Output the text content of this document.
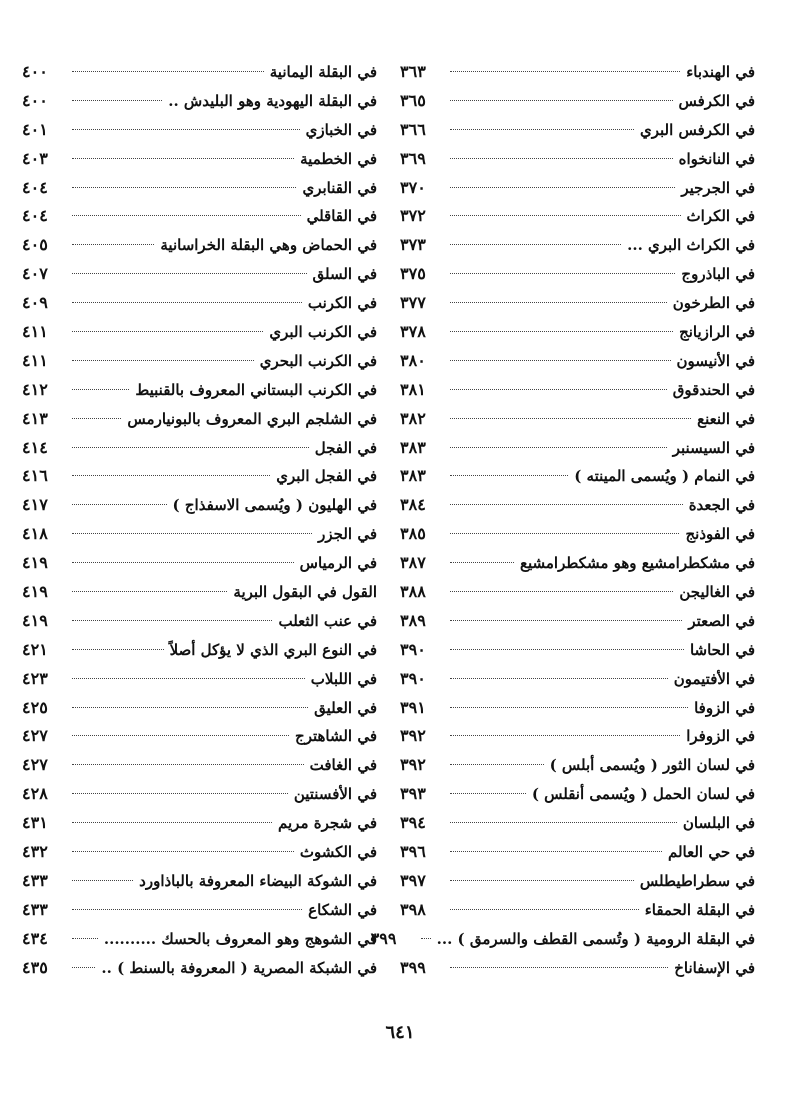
في الهندباء
٣٦٣
في الكرفس
٣٦٥
في الكرفس البري
٣٦٦
في النانخواه
٣٦٩
في الجرجير
٣٧٠
في الكراث
٣٧٢
في الكراث البري ...
٣٧٣
في الباذروج
٣٧٥
في الطرخون
٣٧٧
في الرازيانج
٣٧٨
في الأنيسون
٣٨٠
في الحندقوق
٣٨١
في النعنع
٣٨٢
في السيسنبر
٣٨٣
في النمام ( ويُسمى المينته )
٣٨٣
في الجعدة
٣٨٤
في الفوذنج
٣٨٥
في مشكطرامشيع وهو مشكطرامشيع
٣٨٧
في الغاليجن
٣٨٨
في الصعتر
٣٨٩
في الحاشا
٣٩٠
في الأفتيمون
٣٩٠
في الزوفا
٣٩١
في الزوفرا
٣٩٢
في لسان الثور ( ويُسمى أبلس )
٣٩٢
في لسان الحمل ( ويُسمى أنقلس )
٣٩٣
في البلسان
٣٩٤
في حي العالم
٣٩٦
في سطراطيطلس
٣٩٧
في البقلة الحمقاء
٣٩٨
في البقلة الرومية ( وتُسمى القطف والسرمق ) ...
٣٩٩
في الإسفاناخ
٣٩٩
في البقلة اليمانية
٤٠٠
في البقلة اليهودية وهو البليدش ..
٤٠٠
في الخبازي
٤٠١
في الخطمية
٤٠٣
في القنابري
٤٠٤
في القاقلي
٤٠٤
في الحماض وهي البقلة الخراسانية
٤٠٥
في السلق
٤٠٧
في الكرنب
٤٠٩
في الكرنب البري
٤١١
في الكرنب البحري
٤١١
في الكرنب البستاني المعروف بالقنبيط
٤١٢
في الشلجم البري المعروف بالبونيارمس
٤١٣
في الفجل
٤١٤
في الفجل البري
٤١٦
في الهليون ( ويُسمى الاسفذاج )
٤١٧
في الجزر
٤١٨
في الرمياس
٤١٩
القول في البقول البرية
٤١٩
في عنب الثعلب
٤١٩
في النوع البري الذي لا يؤكل أصلاً
٤٢١
في اللبلاب
٤٢٣
في العليق
٤٢٥
في الشاهترج
٤٢٧
في الغافت
٤٢٧
في الأفسنتين
٤٢٨
في شجرة مريم
٤٣١
في الكشوث
٤٣٢
في الشوكة البيضاء المعروفة بالباذاورد
٤٣٣
في الشكاع
٤٣٣
في الشوهج وهو المعروف بالحسك ..........
٤٣٤
في الشبكة المصرية ( المعروفة بالسنط ) ..
٤٣٥
٦٤١
